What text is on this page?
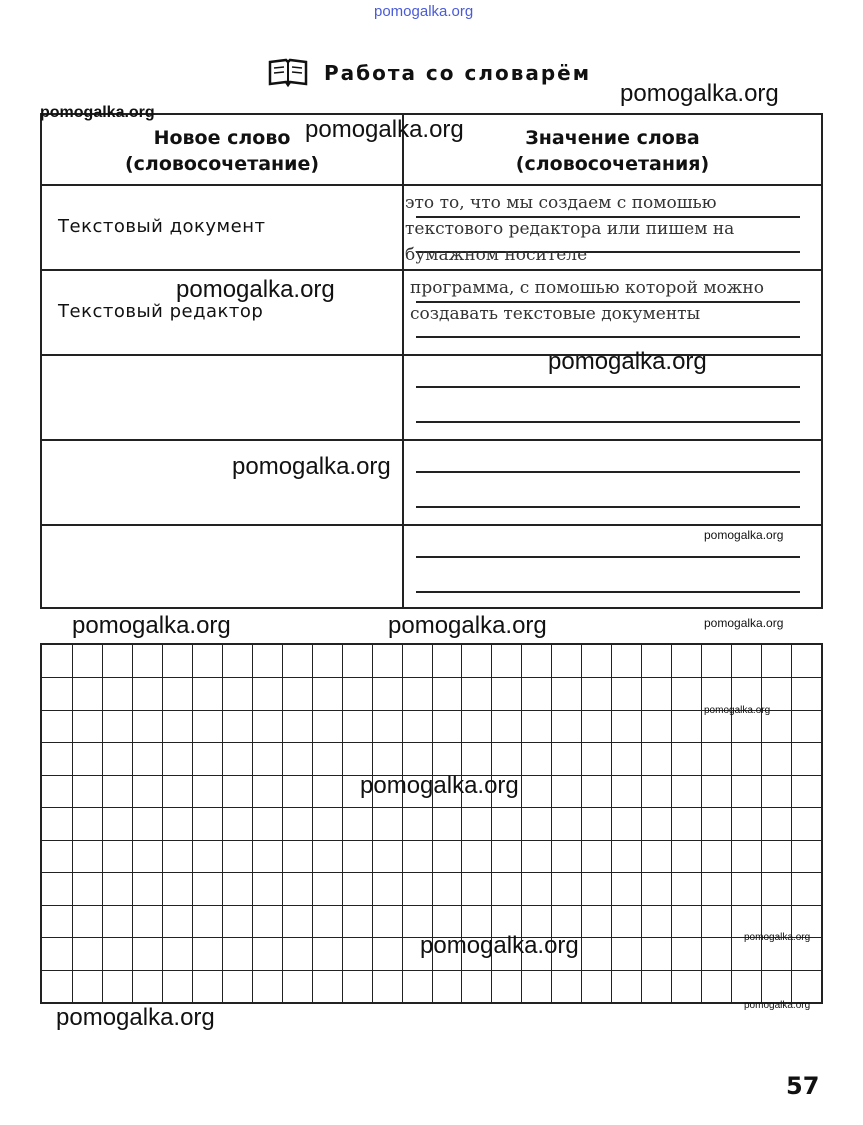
pomogalka.org
Работа со словарём
Новое слово
(словосочетание)
Значение слова
(словосочетания)
Текстовый документ
это то, что мы создаем с помошью
текстового редактора или пишем на
бумажном носителе
Текстовый редактор
программа, с помошью которой можно
создавать текстовые документы
pomogalka.org
pomogalka.org
pomogalka.org
pomogalka.org
pomogalka.org
pomogalka.org
pomogalka.org
pomogalka.org	pomogalka.org	pomogalka.org
pomogalka.org
pomogalka.org
pomogalka.org	pomogalka.org
pomogalka.org
pomogalka.org
57
